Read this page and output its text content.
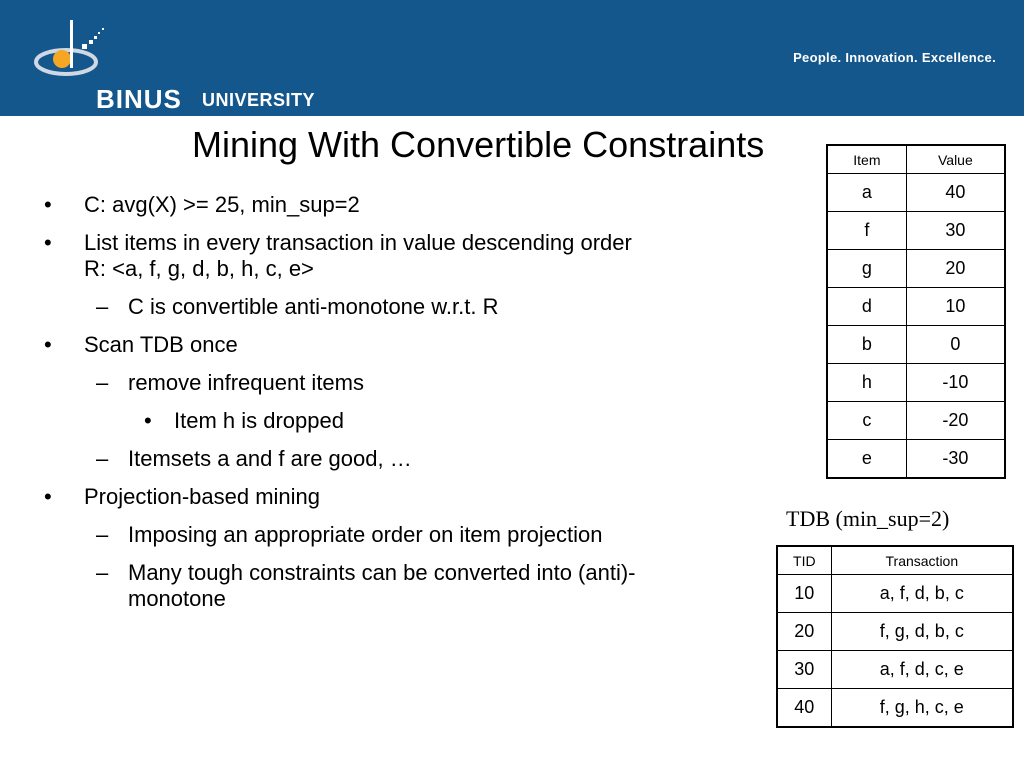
BINUS UNIVERSITY
People. Innovation. Excellence.
Mining With Convertible Constraints
• C: avg(X) >= 25, min_sup=2
• List items in every transaction in value descending order
R: <a, f, g, d, b, h, c, e>
– C is convertible anti-monotone w.r.t. R
• Scan TDB once
– remove infrequent items
• Item h is dropped
– Itemsets a and f are good, …
• Projection-based mining
– Imposing an appropriate order on item projection
– Many tough constraints can be converted into (anti)-
monotone
Item	Value
a	40
f	30
g	20
d	10
b	0
h	-10
c	-20
e	-30
TDB (min_sup=2)
TID	Transaction
10	a, f, d, b, c
20	f, g, d, b, c
30	a, f, d, c, e
40	f, g, h, c, e
